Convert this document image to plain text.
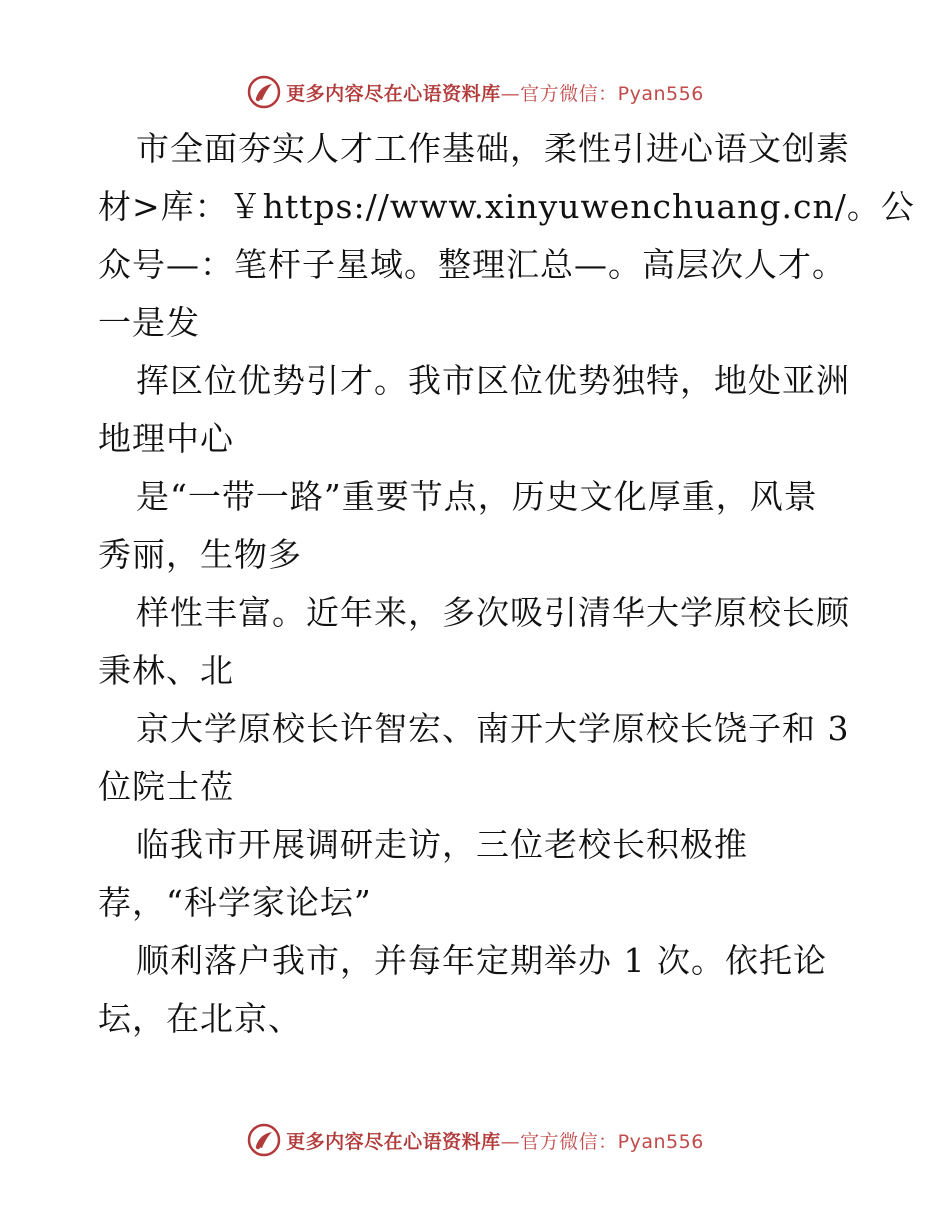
更多内容尽在心语资料库—官方微信：Pyan556
市全面夯实人才工作基础，柔性引进心语文创素
材>库：￥https://www.xinyuwenchuang.cn/。公
众号—：笔杆子星域。整理汇总—。高层次人才。
一是发
挥区位优势引才。我市区位优势独特，地处亚洲
地理中心
是“一带一路”重要节点，历史文化厚重，风景
秀丽，生物多
样性丰富。近年来，多次吸引清华大学原校长顾
秉林、北
京大学原校长许智宏、南开大学原校长饶子和 3
位院士莅
临我市开展调研走访，三位老校长积极推
荐，“科学家论坛”
顺利落户我市，并每年定期举办 1 次。依托论
坛，在北京、
更多内容尽在心语资料库—官方微信：Pyan556
